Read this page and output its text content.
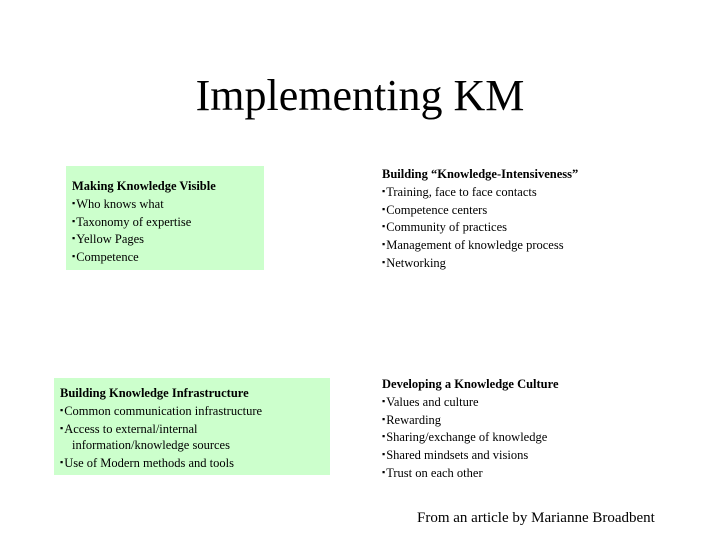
Implementing KM
Making Knowledge Visible
▪Who knows what
▪Taxonomy of expertise
▪Yellow Pages
▪Competence
Building “Knowledge-Intensiveness”
▪Training, face to face contacts
▪Competence centers
▪Community of practices
▪Management of knowledge process
▪Networking
Building Knowledge Infrastructure
▪Common communication infrastructure
▪Access to external/internal
information/knowledge sources
▪Use of Modern methods and tools
Developing a Knowledge Culture
▪Values and culture
▪Rewarding
▪Sharing/exchange of knowledge
▪Shared mindsets and visions
▪Trust on each other
From an article by Marianne Broadbent
